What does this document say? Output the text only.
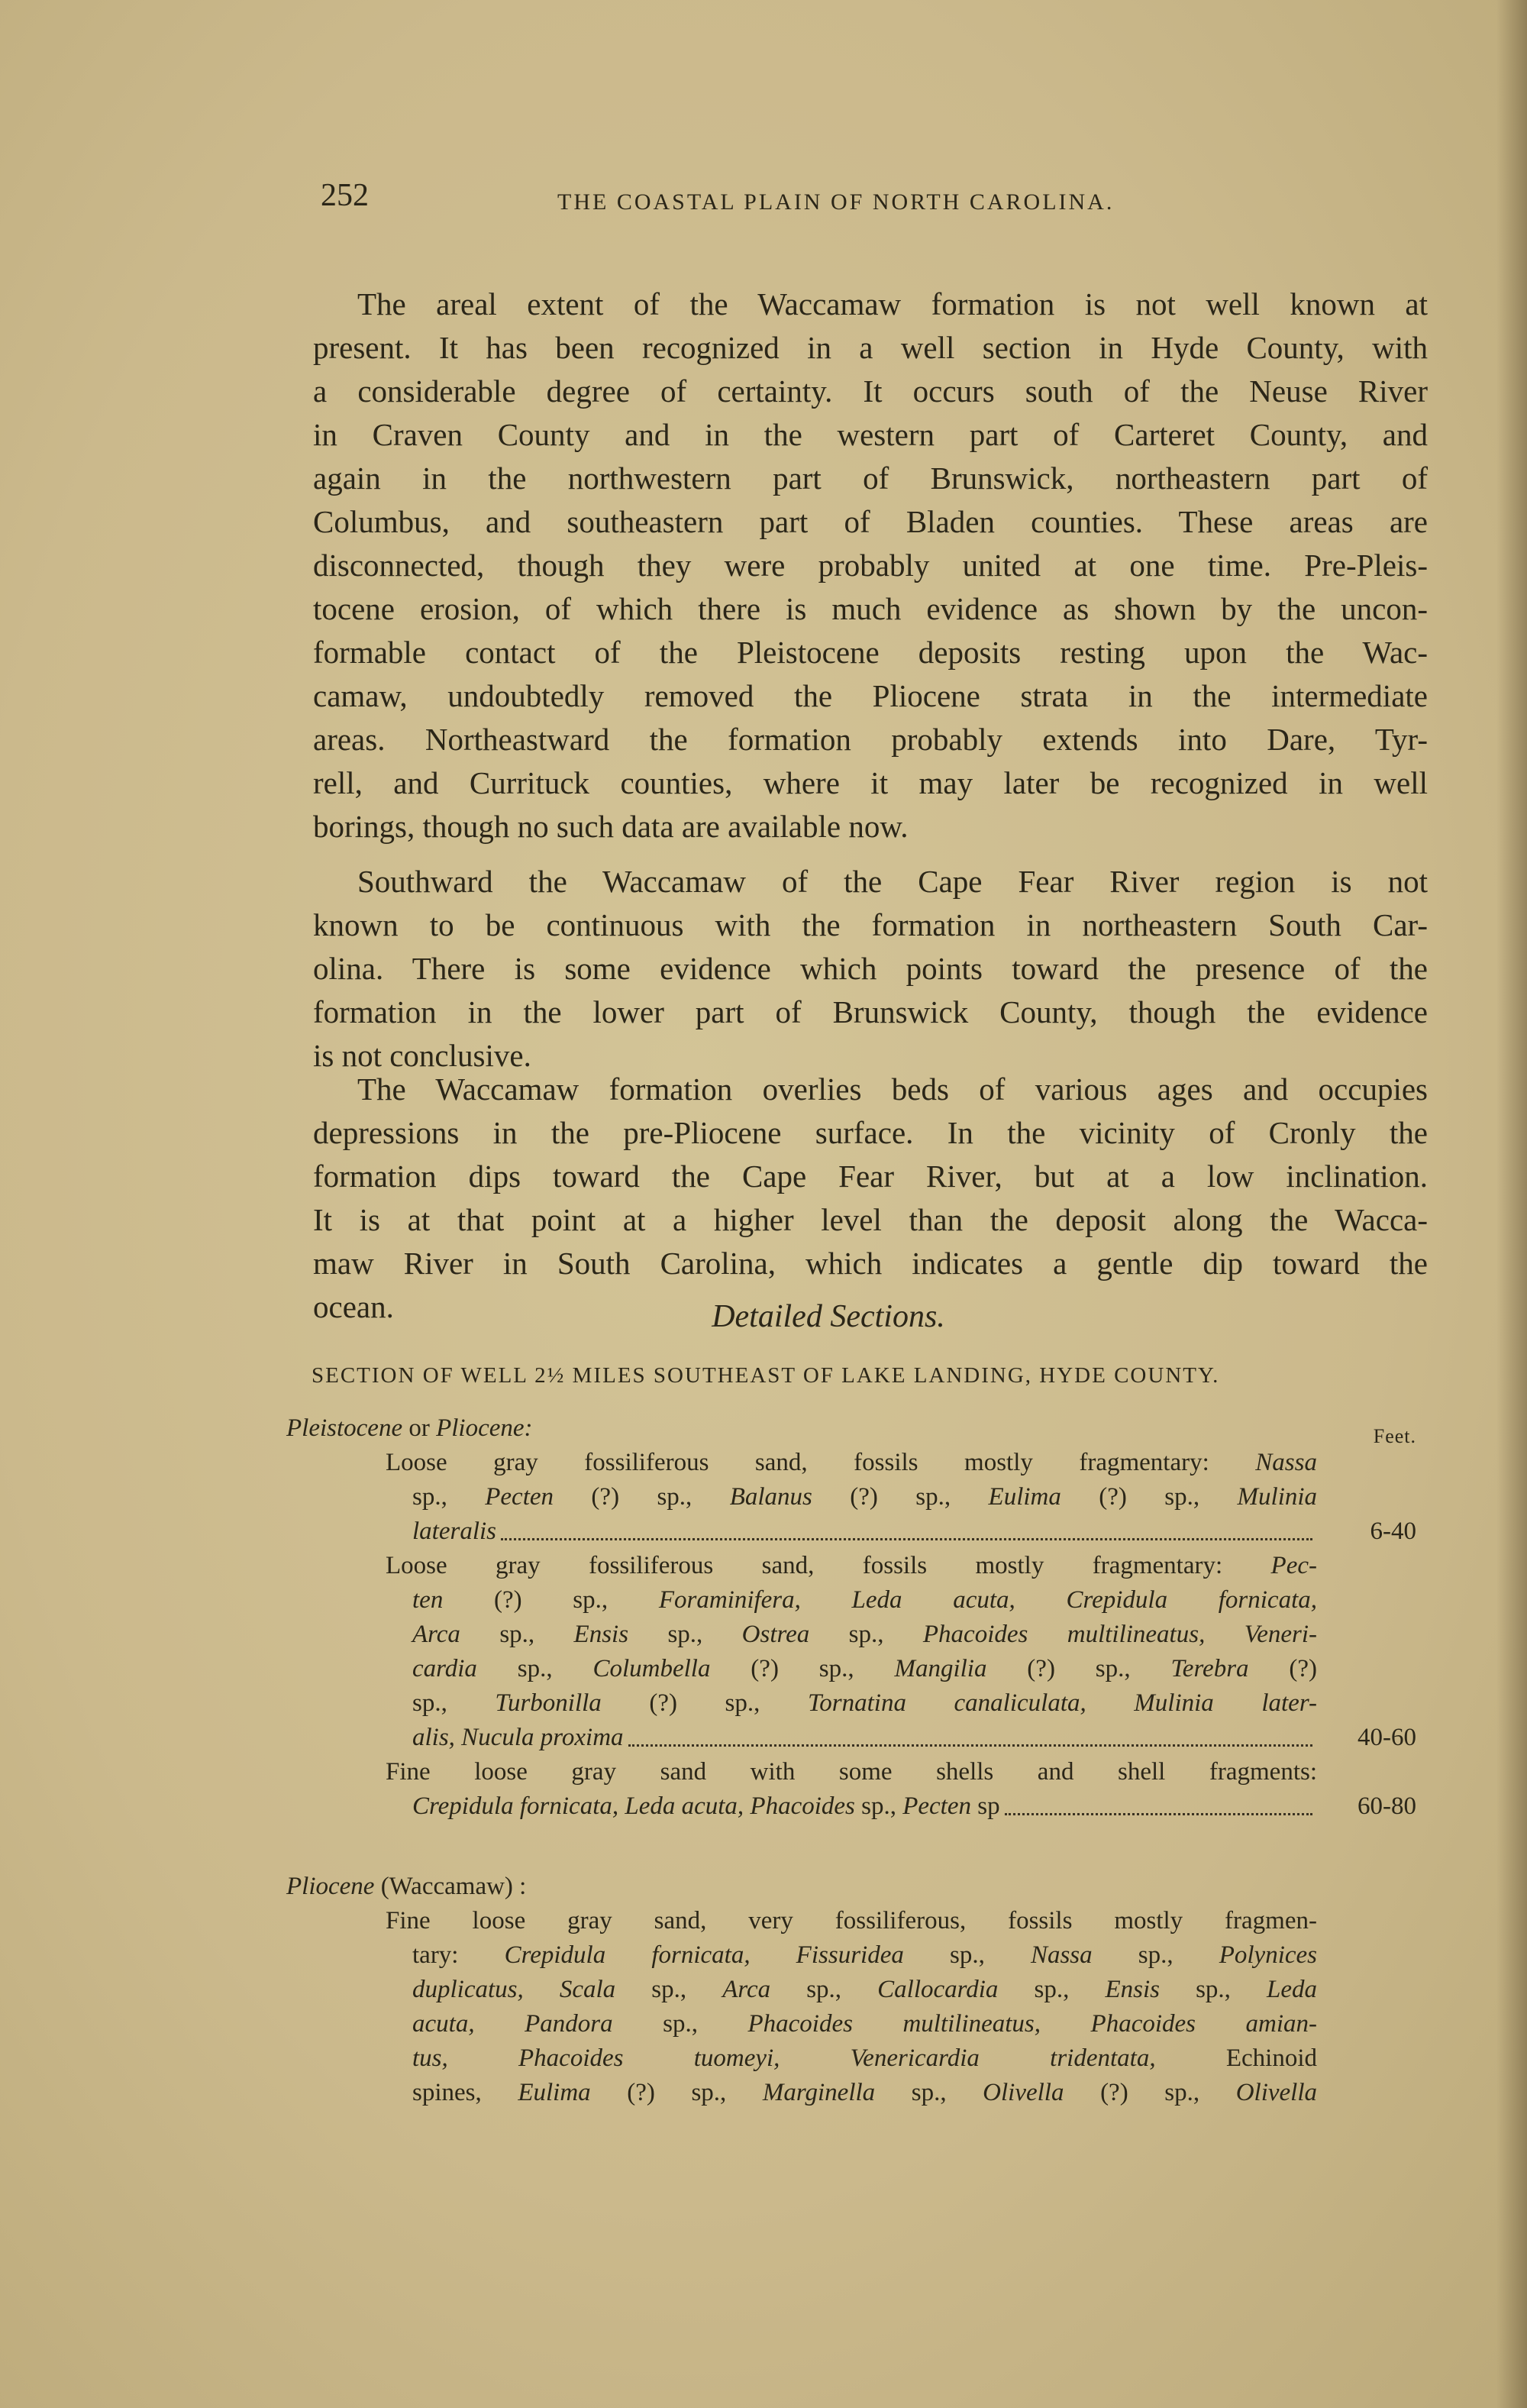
252	THE COASTAL PLAIN OF NORTH CAROLINA.
The areal extent of the Waccamaw formation is not well known at
present. It has been recognized in a well section in Hyde County, with
a considerable degree of certainty. It occurs south of the Neuse River
in Craven County and in the western part of Carteret County, and
again in the northwestern part of Brunswick, northeastern part of
Columbus, and southeastern part of Bladen counties. These areas are
disconnected, though they were probably united at one time. Pre-Pleis-
tocene erosion, of which there is much evidence as shown by the uncon-
formable contact of the Pleistocene deposits resting upon the Wac-
camaw, undoubtedly removed the Pliocene strata in the intermediate
areas. Northeastward the formation probably extends into Dare, Tyr-
rell, and Currituck counties, where it may later be recognized in well
borings, though no such data are available now.
Southward the Waccamaw of the Cape Fear River region is not
known to be continuous with the formation in northeastern South Car-
olina. There is some evidence which points toward the presence of the
formation in the lower part of Brunswick County, though the evidence
is not conclusive.
The Waccamaw formation overlies beds of various ages and occupies
depressions in the pre-Pliocene surface. In the vicinity of Cronly the
formation dips toward the Cape Fear River, but at a low inclination.
It is at that point at a higher level than the deposit along the Wacca-
maw River in South Carolina, which indicates a gentle dip toward the
ocean.	Detailed Sections.
SECTION OF WELL 2½ MILES SOUTHEAST OF LAKE LANDING, HYDE COUNTY.
Pleistocene or Pliocene:	Feet.
Loose gray fossiliferous sand, fossils mostly fragmentary: Nassa
sp., Pecten (?) sp., Balanus (?) sp., Eulima (?) sp., Mulinia
lateralis	6-40
Loose gray fossiliferous sand, fossils mostly fragmentary: Pec-
ten (?) sp., Foraminifera, Leda acuta, Crepidula fornicata,
Arca sp., Ensis sp., Ostrea sp., Phacoides multilineatus, Veneri-
cardia sp., Columbella (?) sp., Mangilia (?) sp., Terebra (?)
sp., Turbonilla (?) sp., Tornatina canaliculata, Mulinia later-
alis, Nucula proxima	40-60
Fine loose gray sand with some shells and shell fragments:
Crepidula fornicata, Leda acuta, Phacoides sp., Pecten sp	60-80
Pliocene (Waccamaw) :
Fine loose gray sand, very fossiliferous, fossils mostly fragmen-
tary: Crepidula fornicata, Fissuridea sp., Nassa sp., Polynices
duplicatus, Scala sp., Arca sp., Callocardia sp., Ensis sp., Leda
acuta, Pandora sp., Phacoides multilineatus, Phacoides amian-
tus, Phacoides tuomeyi, Venericardia tridentata, Echinoid
spines, Eulima (?) sp., Marginella sp., Olivella (?) sp., Olivella
